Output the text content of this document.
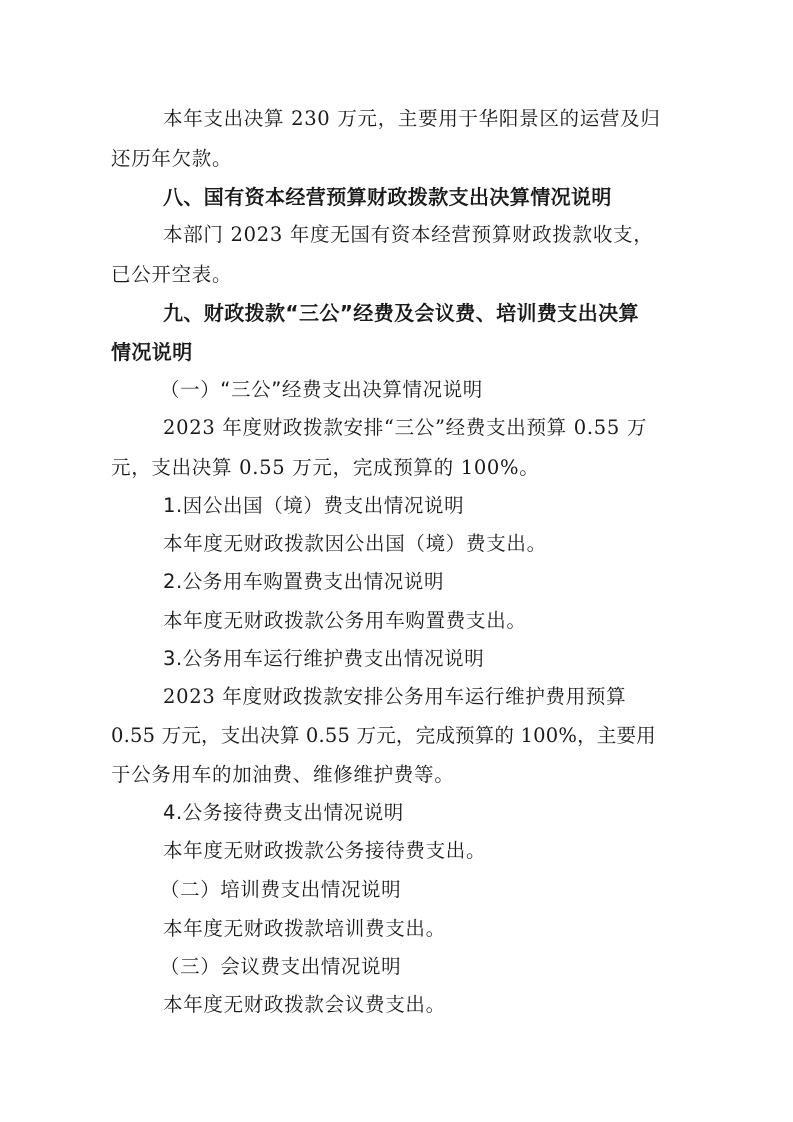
本年支出决算 230 万元，主要用于华阳景区的运营及归
还历年欠款。
八、国有资本经营预算财政拨款支出决算情况说明
本部门 2023 年度无国有资本经营预算财政拨款收支，
已公开空表。
九、财政拨款“三公”经费及会议费、培训费支出决算
情况说明
（一）“三公”经费支出决算情况说明
2023 年度财政拨款安排“三公”经费支出预算 0.55 万
元，支出决算 0.55 万元，完成预算的 100%。
1.因公出国（境）费支出情况说明
本年度无财政拨款因公出国（境）费支出。
2.公务用车购置费支出情况说明
本年度无财政拨款公务用车购置费支出。
3.公务用车运行维护费支出情况说明
2023 年度财政拨款安排公务用车运行维护费用预算
0.55 万元，支出决算 0.55 万元，完成预算的 100%，主要用
于公务用车的加油费、维修维护费等。
4.公务接待费支出情况说明
本年度无财政拨款公务接待费支出。
（二）培训费支出情况说明
本年度无财政拨款培训费支出。
（三）会议费支出情况说明
本年度无财政拨款会议费支出。
